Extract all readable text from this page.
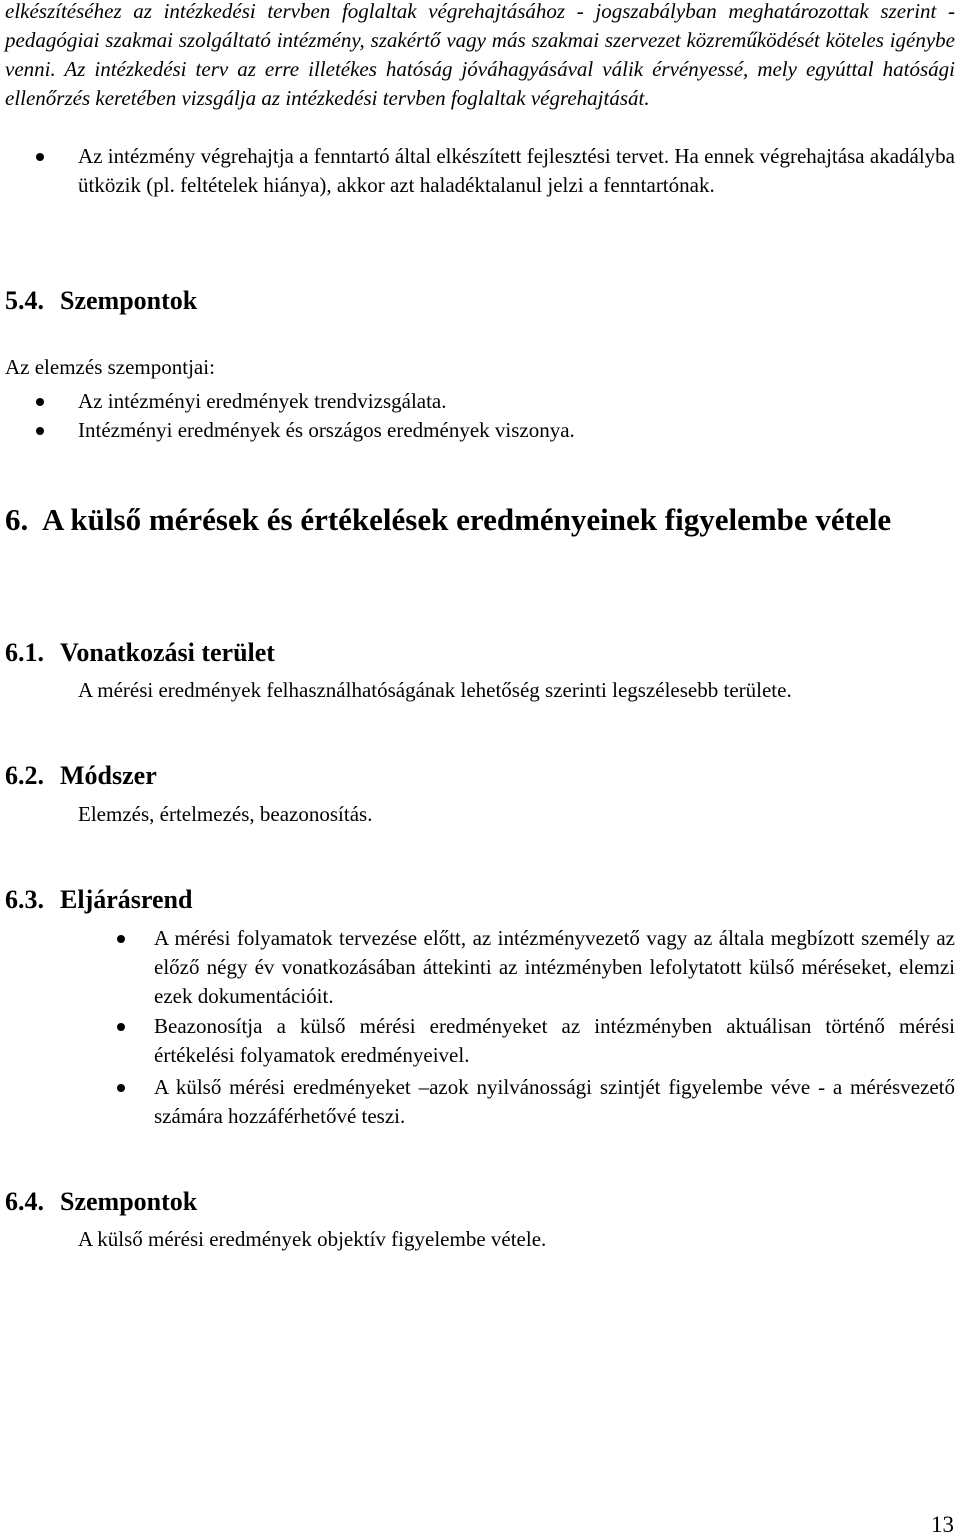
elkészítéséhez az intézkedési tervben foglaltak végrehajtásához - jogszabályban meghatározottak szerint - pedagógiai szakmai szolgáltató intézmény, szakértő vagy más szakmai szervezet közreműködését köteles igénybe venni. Az intézkedési terv az erre illetékes hatóság jóváhagyásával válik érvényessé, mely egyúttal hatósági ellenőrzés keretében vizsgálja az intézkedési tervben foglaltak végrehajtását.

Az intézmény végrehajtja a fenntartó által elkészített fejlesztési tervet. Ha ennek végrehajtása akadályba ütközik (pl. feltételek hiánya), akkor azt haladéktalanul jelzi a fenntartónak.

5.4. Szempontok

Az elemzés szempontjai:

Az intézményi eredmények trendvizsgálata.

Intézményi eredmények és országos eredmények viszonya.

6. A külső mérések és értékelések eredményeinek figyelembe vétele
6.1. Vonatkozási terület

A mérési eredmények felhasználhatóságának lehetőség szerinti legszélesebb területe.

6.2. Módszer

Elemzés, értelmezés, beazonosítás.

6.3. Eljárásrend

A mérési folyamatok tervezése előtt, az intézményvezető vagy az általa megbízott személy az előző négy év vonatkozásában áttekinti az intézményben lefolytatott külső méréseket, elemzi ezek dokumentációit.

Beazonosítja a külső mérési eredményeket az intézményben aktuálisan történő mérési értékelési folyamatok eredményeivel.

A külső mérési eredményeket –azok nyilvánossági szintjét figyelembe véve - a mérésvezető számára hozzáférhetővé teszi.

6.4. Szempontok

A külső mérési eredmények objektív figyelembe vétele.

13
